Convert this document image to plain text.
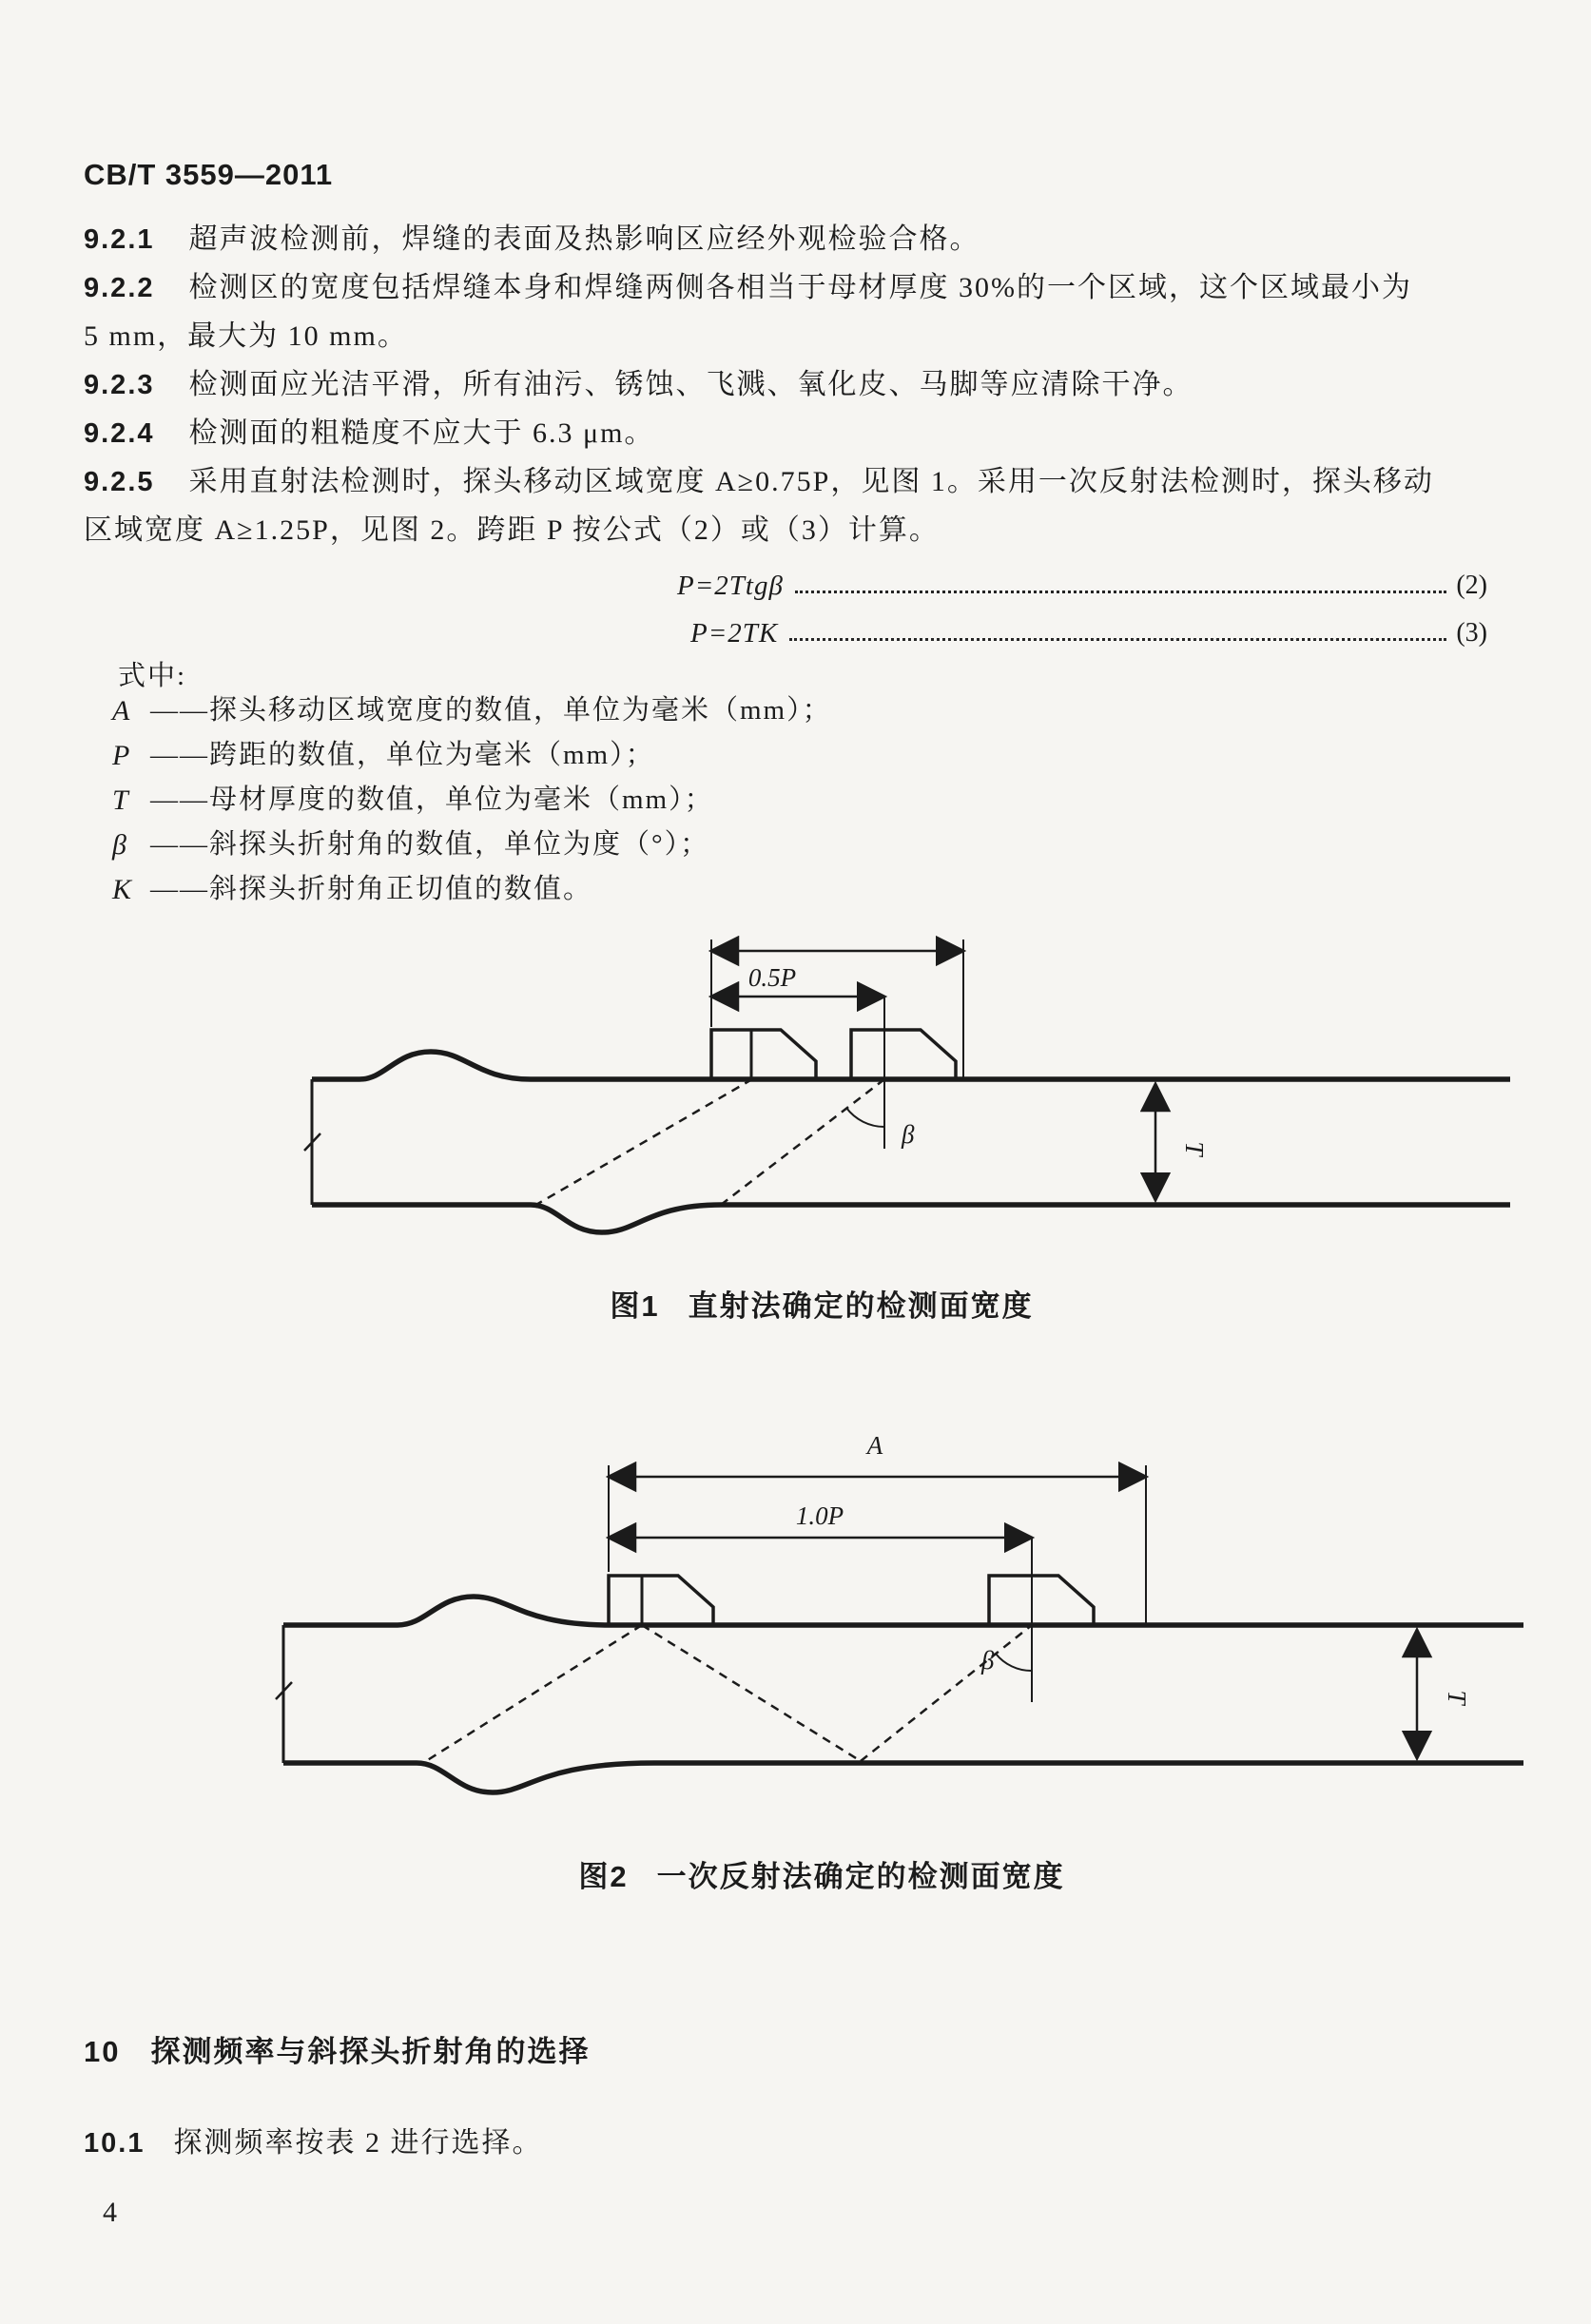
CB/T 3559—2011
9.2.1 超声波检测前，焊缝的表面及热影响区应经外观检验合格。
9.2.2 检测区的宽度包括焊缝本身和焊缝两侧各相当于母材厚度 30%的一个区域，这个区域最小为
5 mm，最大为 10 mm。
9.2.3 检测面应光洁平滑，所有油污、锈蚀、飞溅、氧化皮、马脚等应清除干净。
9.2.4 检测面的粗糙度不应大于 6.3 μm。
9.2.5 采用直射法检测时，探头移动区域宽度 A≥0.75P，见图 1。采用一次反射法检测时，探头移动
区域宽度 A≥1.25P，见图 2。跨距 P 按公式（2）或（3）计算。
P=2Ttgβ	(2)
P=2TK	(3)
式中:
A ——探头移动区域宽度的数值，单位为毫米（mm）；
P ——跨距的数值，单位为毫米（mm）；
T ——母材厚度的数值，单位为毫米（mm）；
β ——斜探头折射角的数值，单位为度（°）；
K ——斜探头折射角正切值的数值。
0.5P
β	T
图1 直射法确定的检测面宽度
A
1.0P
β
T
图2 一次反射法确定的检测面宽度
10 探测频率与斜探头折射角的选择
10.1 探测频率按表 2 进行选择。
4
